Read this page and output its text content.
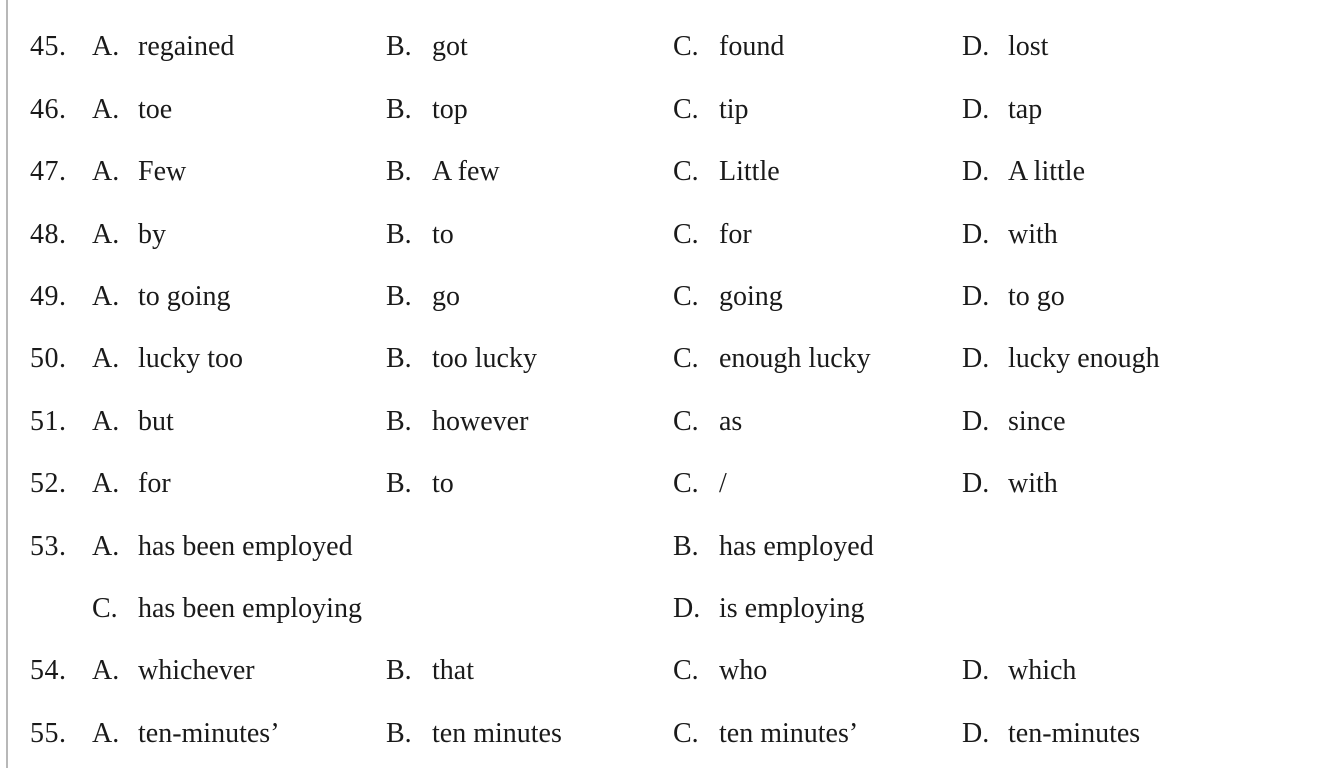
45. A. regained	B. got	C. found	D. lost
46. A. toe	B. top	C. tip	D. tap
47. A. Few	B. A few	C. Little	D. A little
48. A. by	B. to	C. for	D. with
49. A. to going	B. go	C. going	D. to go
50. A. lucky too	B. too lucky	C. enough lucky	D. lucky enough
51. A. but	B. however	C. as	D. since
52. A. for	B. to	C. /	D. with
53. A. has been employed	B. has employed
C. has been employing	D. is employing
54. A. whichever	B. that	C. who	D. which
55. A. ten-minutes’	B. ten minutes	C. ten minutes’	D. ten-minutes
